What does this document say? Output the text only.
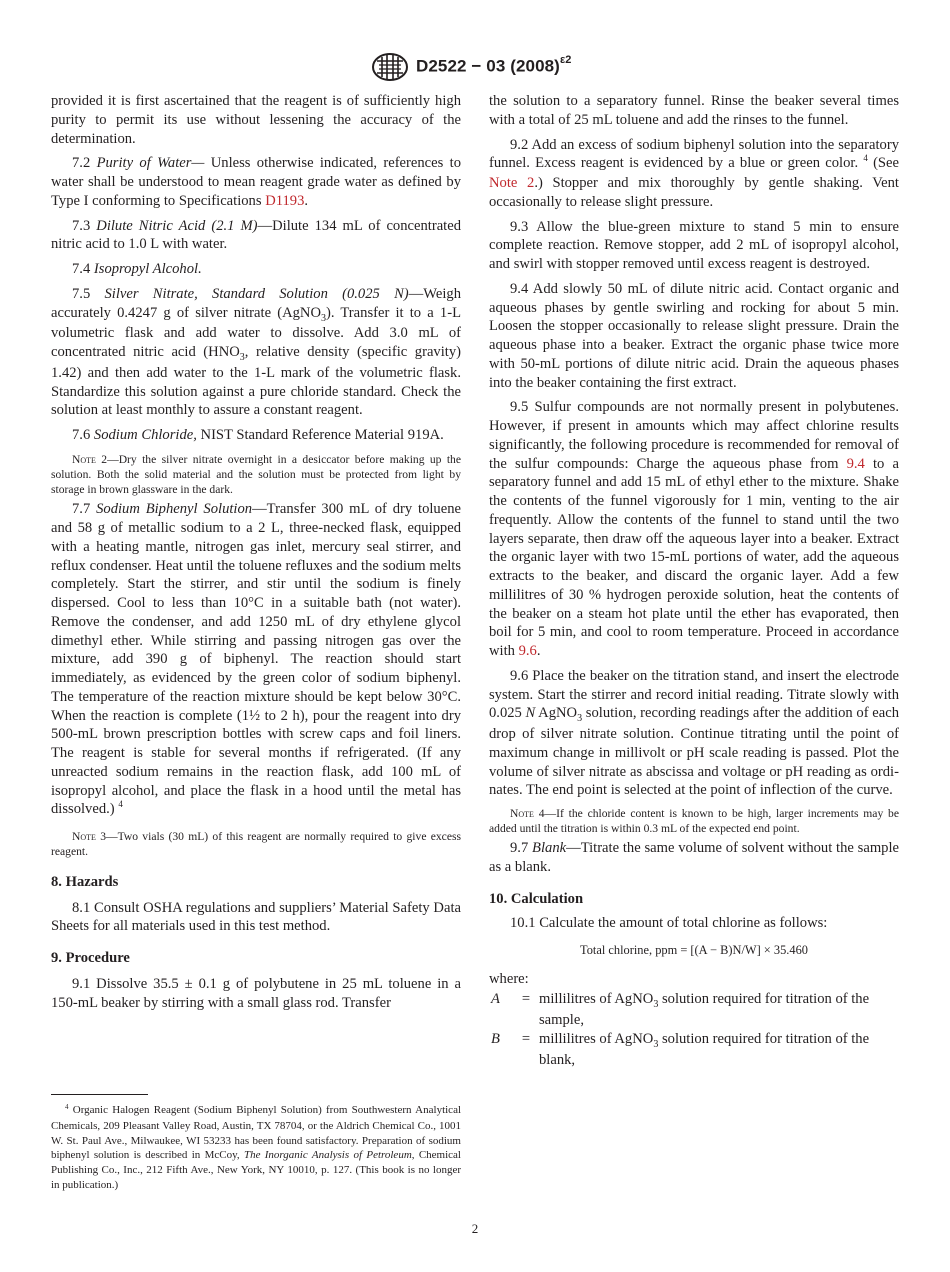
D2522 − 03 $(2008)^{\varepsilon 2}$

provided it is first ascertained that the reagent is of sufficiently high purity to permit its use without lessening the accuracy of the determination.

7.2 Purity of Water— Unless otherwise indicated, references to water shall be understood to mean reagent grade water as defined by Type I conforming to Specifications D1193.

7.3 Dilute Nitric Acid (2.1 M)—Dilute 134 mL of concentrated nitric acid to 1.0 L with water.

7.4 Isopropyl Alcohol.

7.5 Silver Nitrate, Standard Solution (0.025 N)—Weigh accurately 0.4247 g of silver nitrate (AgNO$_3$). Transfer it to a 1-L volumetric flask and add water to dissolve. Add 3.0 mL of concentrated nitric acid ($HNO_3$, relative density (specific gravity) 1.42) and then add water to the 1-L mark of the volumetric flask. Standardize this solution against a pure chloride standard. Check the solution at least monthly to assure a constant reagent.

7.6 Sodium Chloride, NIST Standard Reference Material 919A.

Note 2—Dry the silver nitrate overnight in a desiccator before making up the solution. Both the solid material and the solution must be protected from light by storage in brown glassware in the dark.

7.7 Sodium Biphenyl Solution—Transfer 300 mL of dry toluene and 58 g of metallic sodium to a 2 L, three-necked flask, equipped with a heating mantle, nitrogen gas inlet, mercury seal stirrer, and reflux condenser. Heat until the toluene refluxes and the sodium melts completely. Start the stirrer, and stir until the sodium is finely dispersed. Cool to less than 10°C in a suitable bath (not water). Remove the condenser, and add 1250 mL of dry ethylene glycol dimethyl ether. While stirring and passing nitrogen gas over the mixture, add 390 g of biphenyl. The reaction should start immediately, as evidenced by the green color of sodium biphenyl. The temperature of the reaction mixture should be kept below 30°C. When the reaction is complete (1½ to 2 h), pour the reagent into dry 500-mL brown prescription bottles with screw caps and foil liners. The reagent is stable for several months if refrigerated. (If any unreacted sodium remains in the reaction flask, add 100 mL of isopropyl alcohol, and place the flask in a hood until the metal has dissolved.) $^4$

Note 3—Two vials (30 mL) of this reagent are normally required to give excess reagent.

8. Hazards

8.1 Consult OSHA regulations and suppliers’ Material Safety Data Sheets for all materials used in this test method.

9. Procedure

9.1 Dissolve 35.5 ± 0.1 g of polybutene in 25 mL toluene in a 150-mL beaker by stirring with a small glass rod. Transfer

$^4$ Organic Halogen Reagent (Sodium Biphenyl Solution) from Southwestern Analytical Chemicals, 209 Pleasant Valley Road, Austin, TX 78704, or the Aldrich Chemical Co., 1001 W. St. Paul Ave., Milwaukee, WI 53233 has been found satisfactory. Preparation of sodium biphenyl solution is described in McCoy, The Inorganic Analysis of Petroleum, Chemical Publishing Co., Inc., 212 Fifth Ave., New York, NY 10010, p. 127. (This book is no longer in publication.)

the solution to a separatory funnel. Rinse the beaker several times with a total of 25 mL toluene and add the rinses to the funnel.

9.2 Add an excess of sodium biphenyl solution into the separatory funnel. Excess reagent is evidenced by a blue or green color. $^4$ (See Note 2.) Stopper and mix thoroughly by gentle shaking. Vent occasionally to release slight pressure.

9.3 Allow the blue-green mixture to stand 5 min to ensure complete reaction. Remove stopper, add 2 mL of isopropyl alcohol, and swirl with stopper removed until excess reagent is destroyed.

9.4 Add slowly 50 mL of dilute nitric acid. Contact organic and aqueous phases by gentle swirling and rocking for about 5 min. Loosen the stopper occasionally to release slight pressure. Drain the aqueous phase into a beaker. Extract the organic phase twice more with 50-mL portions of dilute nitric acid. Drain the aqueous phases into the beaker containing the first extract.

9.5 Sulfur compounds are not normally present in polybutenes. However, if present in amounts which may affect chlorine results significantly, the following procedure is recommended for removal of the sulfur compounds: Charge the aqueous phase from 9.4 to a separatory funnel and add 15 mL of ethyl ether to the mixture. Shake the contents of the funnel vigorously for 1 min, venting to the air frequently. Allow the contents of the funnel to stand until the two layers separate, then draw off the aqueous layer into a beaker. Extract the organic layer with two 15-mL portions of water, add the aqueous extracts to the beaker, and discard the organic layer. Add a few millilitres of 30 % hydrogen peroxide solution, heat the contents of the beaker on a steam hot plate until the ether has evaporated, then boil for 5 min, and cool to room temperature. Proceed in accordance with 9.6.

9.6 Place the beaker on the titration stand, and insert the electrode system. Start the stirrer and record initial reading. Titrate slowly with 0.025 N AgNO$_3$ solution, recording readings after the addition of each drop of silver nitrate solution. Continue titrating until the point of maximum change in millivolt or pH scale reading is passed. Plot the volume of silver nitrate as abscissa and voltage or pH reading as ordinates. The end point is selected at the point of inflection of the curve.

Note 4—If the chloride content is known to be high, larger increments may be added until the titration is within 0.3 mL of the expected end point.

9.7 Blank—Titrate the same volume of solvent without the sample as a blank.

10. Calculation

10.1 Calculate the amount of total chlorine as follows:

Total chlorine, ppm = [(A − B)N/W] × 35.460

where:

A	= millilitres of AgNO$_3$ solution required for titration of the sample,
B	= millilitres of AgNO$_3$ solution required for titration of the blank,
2
